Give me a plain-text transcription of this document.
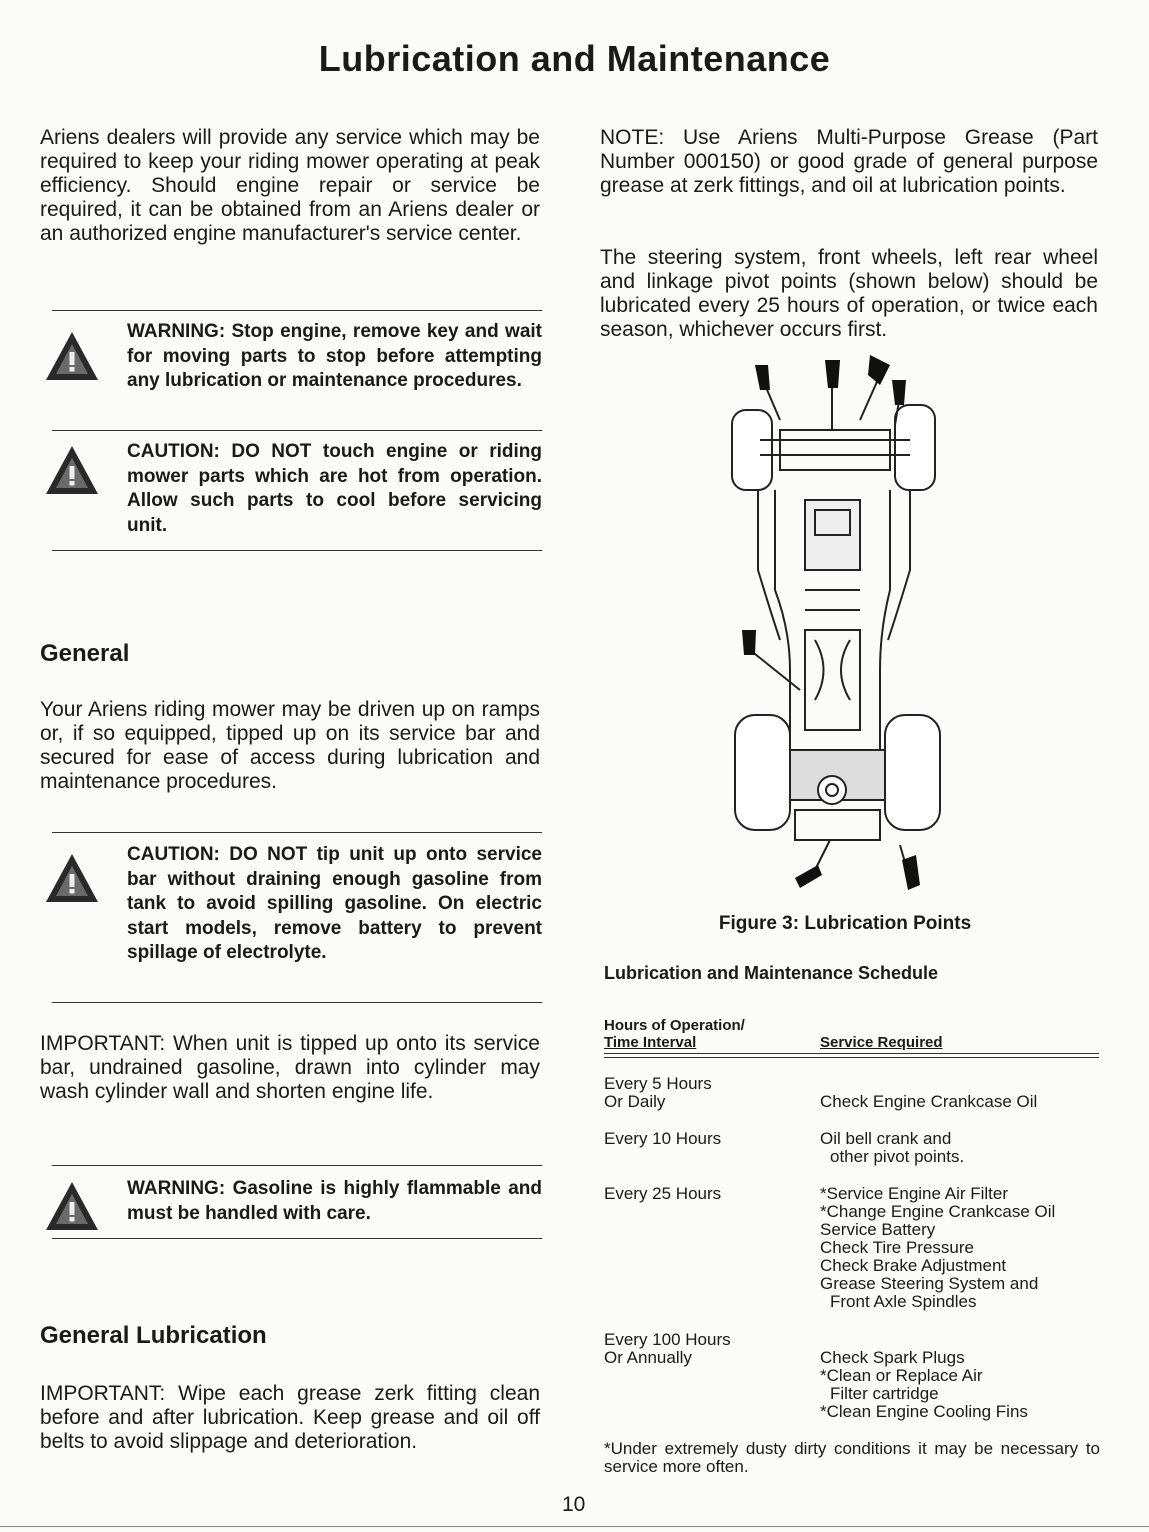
Lubrication and Maintenance
Ariens dealers will provide any service which may be required to keep your riding mower operating at peak efficiency. Should engine repair or service be required, it can be obtained from an Ariens dealer or an authorized engine manufacturer's service center.
WARNING: Stop engine, remove key and wait for moving parts to stop before attempting any lubrication or maintenance procedures.
CAUTION: DO NOT touch engine or riding mower parts which are hot from operation. Allow such parts to cool before servicing unit.
General
Your Ariens riding mower may be driven up on ramps or, if so equipped, tipped up on its service bar and secured for ease of access during lubrication and maintenance procedures.
CAUTION: DO NOT tip unit up onto service bar without draining enough gasoline from tank to avoid spilling gasoline. On electric start models, remove battery to prevent spillage of electrolyte.
IMPORTANT: When unit is tipped up onto its service bar, undrained gasoline, drawn into cylinder may wash cylinder wall and shorten engine life.
WARNING: Gasoline is highly flammable and must be handled with care.
General Lubrication
IMPORTANT: Wipe each grease zerk fitting clean before and after lubrication. Keep grease and oil off belts to avoid slippage and deterioration.
NOTE: Use Ariens Multi-Purpose Grease (Part Number 000150) or good grade of general purpose grease at zerk fittings, and oil at lubrication points.
The steering system, front wheels, left rear wheel and linkage pivot points (shown below) should be lubricated every 25 hours of operation, or twice each season, whichever occurs first.
Figure 3: Lubrication Points
Lubrication and Maintenance Schedule
Hours of Operation/
Time Interval	Service Required
Every 5 Hours
Or Daily	Check Engine Crankcase Oil
Every 10 Hours	Oil bell crank and
other pivot points.
Every 25 Hours	*Service Engine Air Filter
*Change Engine Crankcase Oil
Service Battery
Check Tire Pressure
Check Brake Adjustment
Grease Steering System and
Front Axle Spindles
Every 100 Hours
Or Annually	Check Spark Plugs
*Clean or Replace Air
Filter cartridge
*Clean Engine Cooling Fins
*Under extremely dusty dirty conditions it may be necessary to service more often.
10
